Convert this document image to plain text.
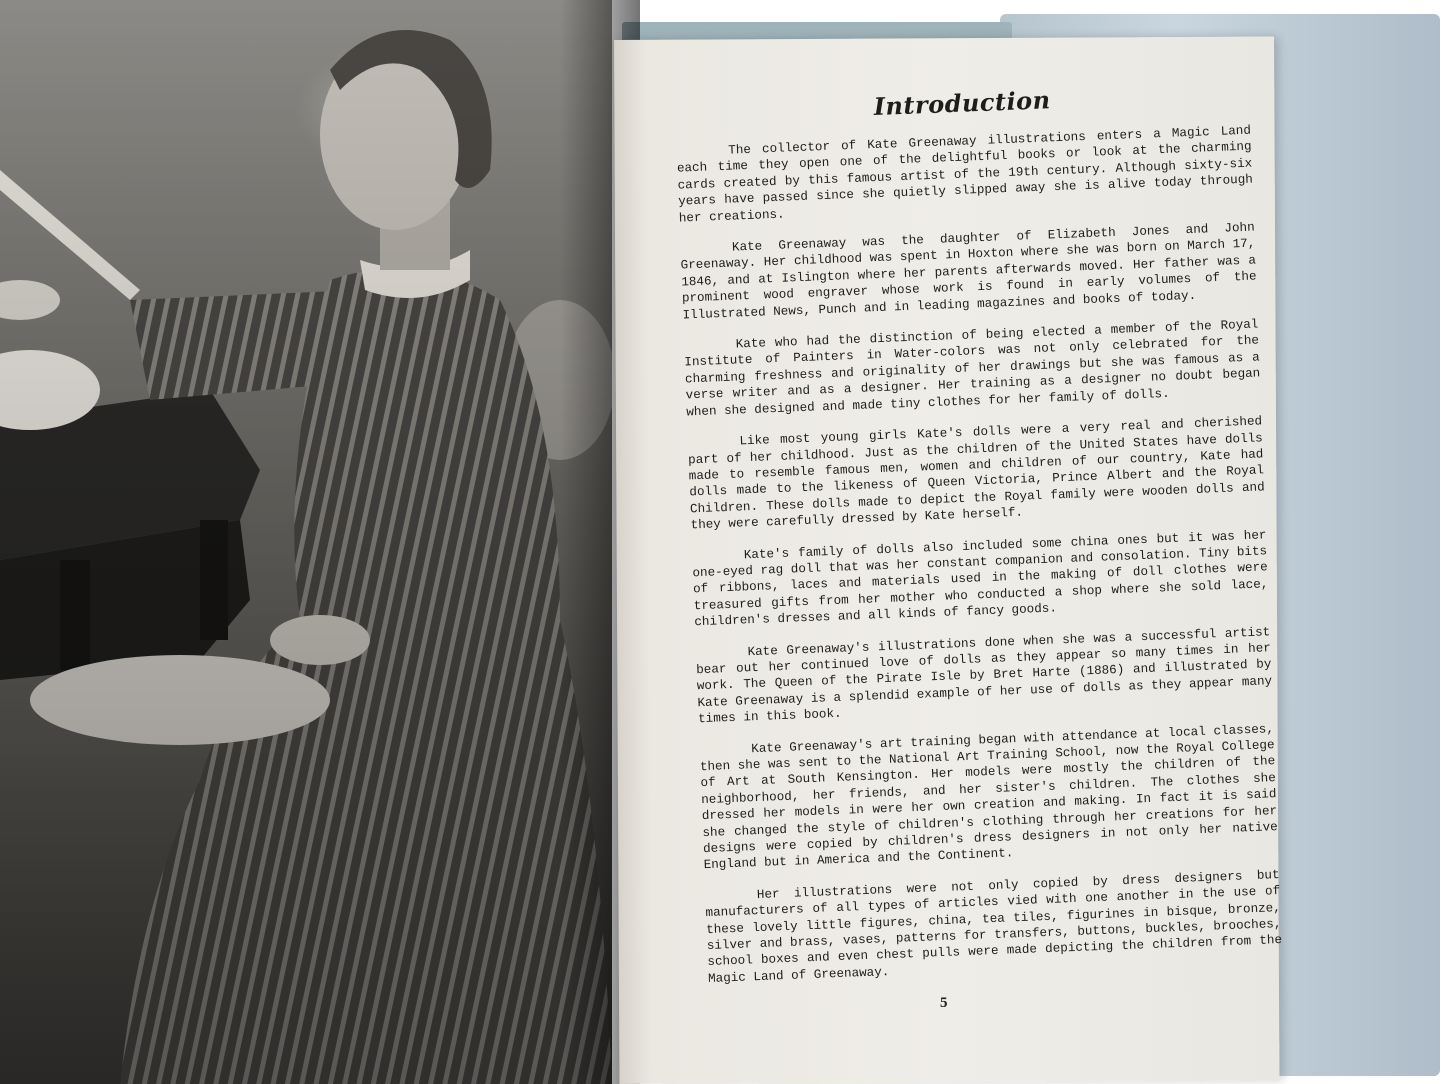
Introduction

The collector of Kate Greenaway illustrations enters a Magic Land each time they open one of the delightful books or look at the charming cards created by this famous artist of the 19th century. Although sixty-six years have passed since she quietly slipped away she is alive today through her creations.

Kate Greenaway was the daughter of Elizabeth Jones and John Greenaway. Her childhood was spent in Hoxton where she was born on March 17, 1846, and at Islington where her parents afterwards moved. Her father was a prominent wood engraver whose work is found in early volumes of the Illustrated News, Punch and in leading magazines and books of today.

Kate who had the distinction of being elected a member of the Royal Institute of Painters in Water-colors was not only celebrated for the charming freshness and originality of her drawings but she was famous as a verse writer and as a designer. Her training as a designer no doubt began when she designed and made tiny clothes for her family of dolls.

Like most young girls Kate's dolls were a very real and cherished part of her childhood. Just as the children of the United States have dolls made to resemble famous men, women and children of our country, Kate had dolls made to the likeness of Queen Victoria, Prince Albert and the Royal Children. These dolls made to depict the Royal family were wooden dolls and they were carefully dressed by Kate herself.

Kate's family of dolls also included some china ones but it was her one-eyed rag doll that was her constant companion and consolation. Tiny bits of ribbons, laces and materials used in the making of doll clothes were treasured gifts from her mother who conducted a shop where she sold lace, children's dresses and all kinds of fancy goods.

Kate Greenaway's illustrations done when she was a successful artist bear out her continued love of dolls as they appear so many times in her work. The Queen of the Pirate Isle by Bret Harte (1886) and illustrated by Kate Greenaway is a splendid example of her use of dolls as they appear many times in this book.

Kate Greenaway's art training began with attendance at local classes, then she was sent to the National Art Training School, now the Royal College of Art at South Kensington. Her models were mostly the children of the neighborhood, her friends, and her sister's children. The clothes she dressed her models in were her own creation and making. In fact it is said she changed the style of children's clothing through her creations for her designs were copied by children's dress designers in not only her native England but in America and the Continent.

Her illustrations were not only copied by dress designers but manufacturers of all types of articles vied with one another in the use of these lovely little figures, china, tea tiles, figurines in bisque, bronze, silver and brass, vases, patterns for transfers, buttons, buckles, brooches, school boxes and even chest pulls were made depicting the children from the Magic Land of Greenaway.

5
